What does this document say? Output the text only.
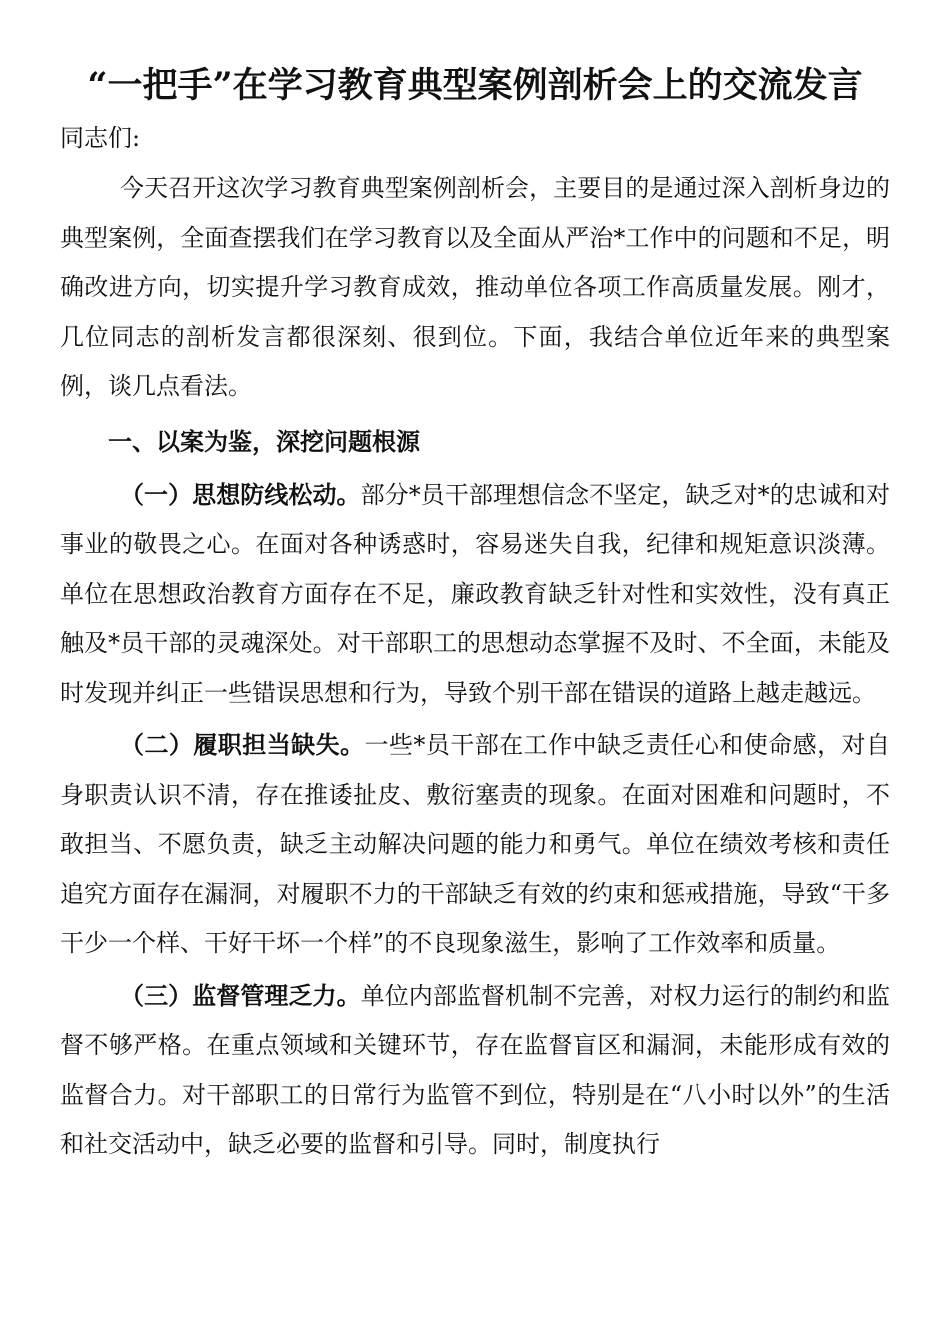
“一把手”在学习教育典型案例剖析会上的交流发言

同志们:

今天召开这次学习教育典型案例剖析会，主要目的是通过深入剖析身边的典型案例，全面查摆我们在学习教育以及全面从严治*工作中的问题和不足，明确改进方向，切实提升学习教育成效，推动单位各项工作高质量发展。刚才，几位同志的剖析发言都很深刻、很到位。下面，我结合单位近年来的典型案例，谈几点看法。

一、以案为鉴，深挖问题根源

（一）思想防线松动。部分*员干部理想信念不坚定，缺乏对*的忠诚和对事业的敬畏之心。在面对各种诱惑时，容易迷失自我，纪律和规矩意识淡薄。单位在思想政治教育方面存在不足，廉政教育缺乏针对性和实效性，没有真正触及*员干部的灵魂深处。对干部职工的思想动态掌握不及时、不全面，未能及时发现并纠正一些错误思想和行为，导致个别干部在错误的道路上越走越远。

（二）履职担当缺失。一些*员干部在工作中缺乏责任心和使命感，对自身职责认识不清，存在推诿扯皮、敷衍塞责的现象。在面对困难和问题时，不敢担当、不愿负责，缺乏主动解决问题的能力和勇气。单位在绩效考核和责任追究方面存在漏洞，对履职不力的干部缺乏有效的约束和惩戒措施，导致“干多干少一个样、干好干坏一个样”的不良现象滋生，影响了工作效率和质量。

（三）监督管理乏力。单位内部监督机制不完善，对权力运行的制约和监督不够严格。在重点领域和关键环节，存在监督盲区和漏洞，未能形成有效的监督合力。对干部职工的日常行为监管不到位，特别是在“八小时以外”的生活和社交活动中，缺乏必要的监督和引导。同时，制度执行
